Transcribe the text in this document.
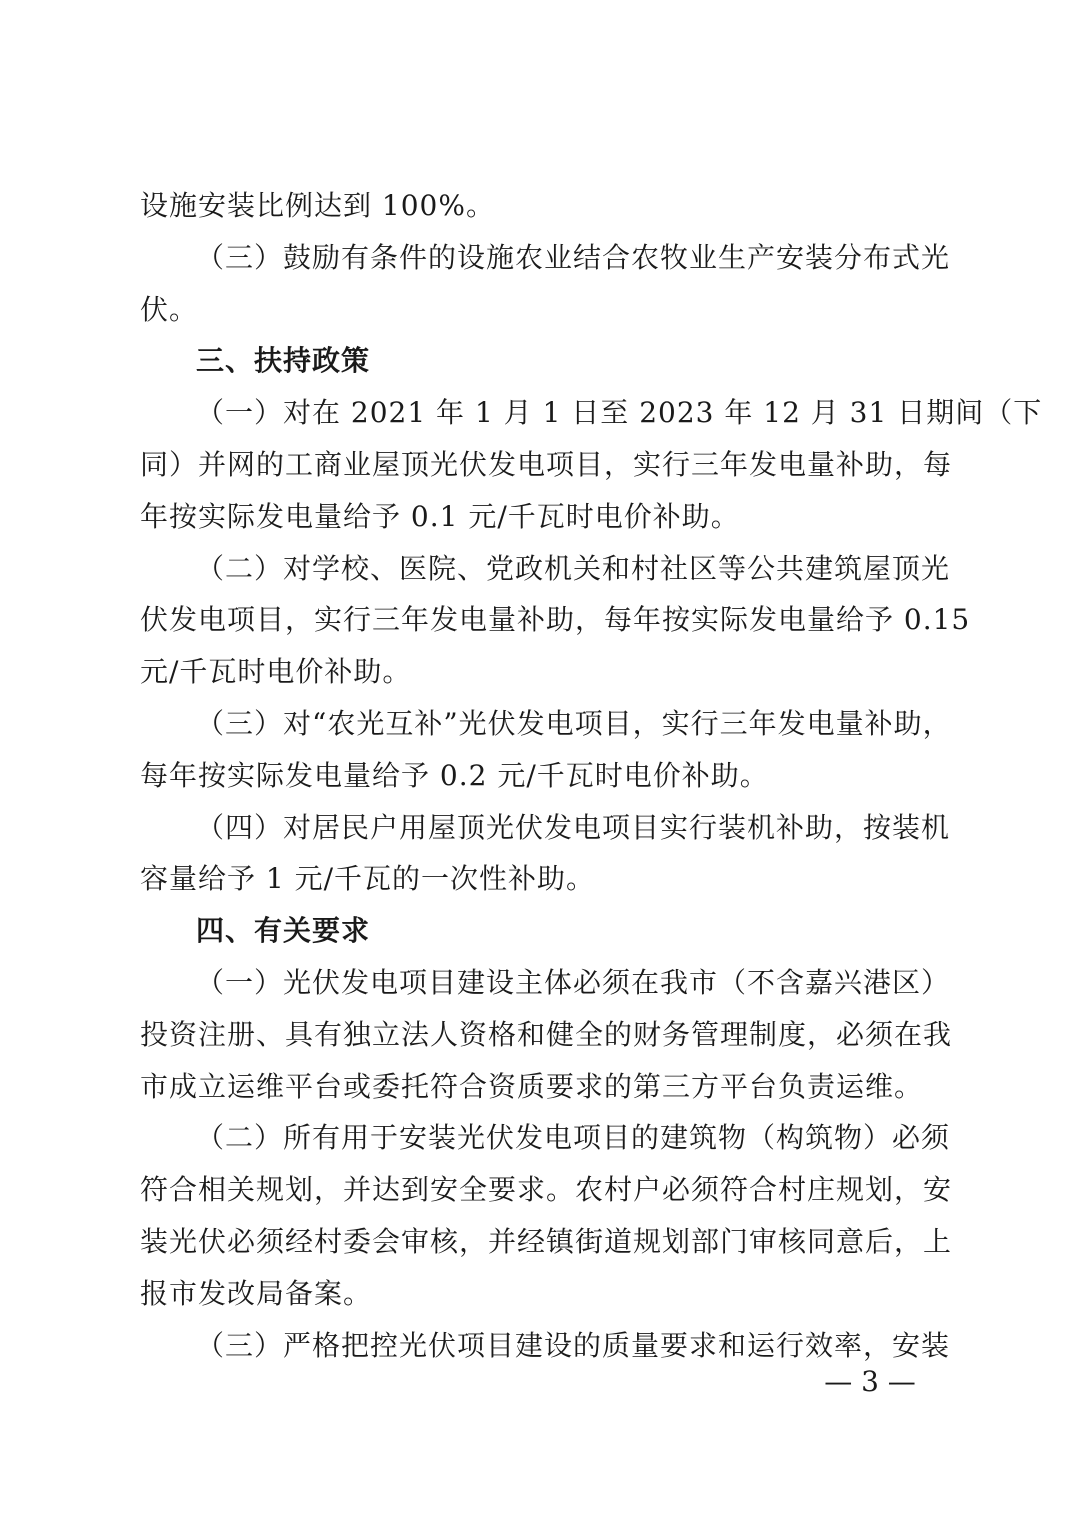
设施安装比例达到 100%。
（三）鼓励有条件的设施农业结合农牧业生产安装分布式光
伏。
三、扶持政策
（一）对在 2021 年 1 月 1 日至 2023 年 12 月 31 日期间（下
同）并网的工商业屋顶光伏发电项目，实行三年发电量补助，每
年按实际发电量给予 0.1 元/千瓦时电价补助。
（二）对学校、医院、党政机关和村社区等公共建筑屋顶光
伏发电项目，实行三年发电量补助，每年按实际发电量给予 0.15
元/千瓦时电价补助。
（三）对“农光互补”光伏发电项目，实行三年发电量补助，
每年按实际发电量给予 0.2 元/千瓦时电价补助。
（四）对居民户用屋顶光伏发电项目实行装机补助，按装机
容量给予 1 元/千瓦的一次性补助。
四、有关要求
（一）光伏发电项目建设主体必须在我市（不含嘉兴港区）
投资注册、具有独立法人资格和健全的财务管理制度，必须在我
市成立运维平台或委托符合资质要求的第三方平台负责运维。
（二）所有用于安装光伏发电项目的建筑物（构筑物）必须
符合相关规划，并达到安全要求。农村户必须符合村庄规划，安
装光伏必须经村委会审核，并经镇街道规划部门审核同意后，上
报市发改局备案。
（三）严格把控光伏项目建设的质量要求和运行效率，安装
— 3 —
